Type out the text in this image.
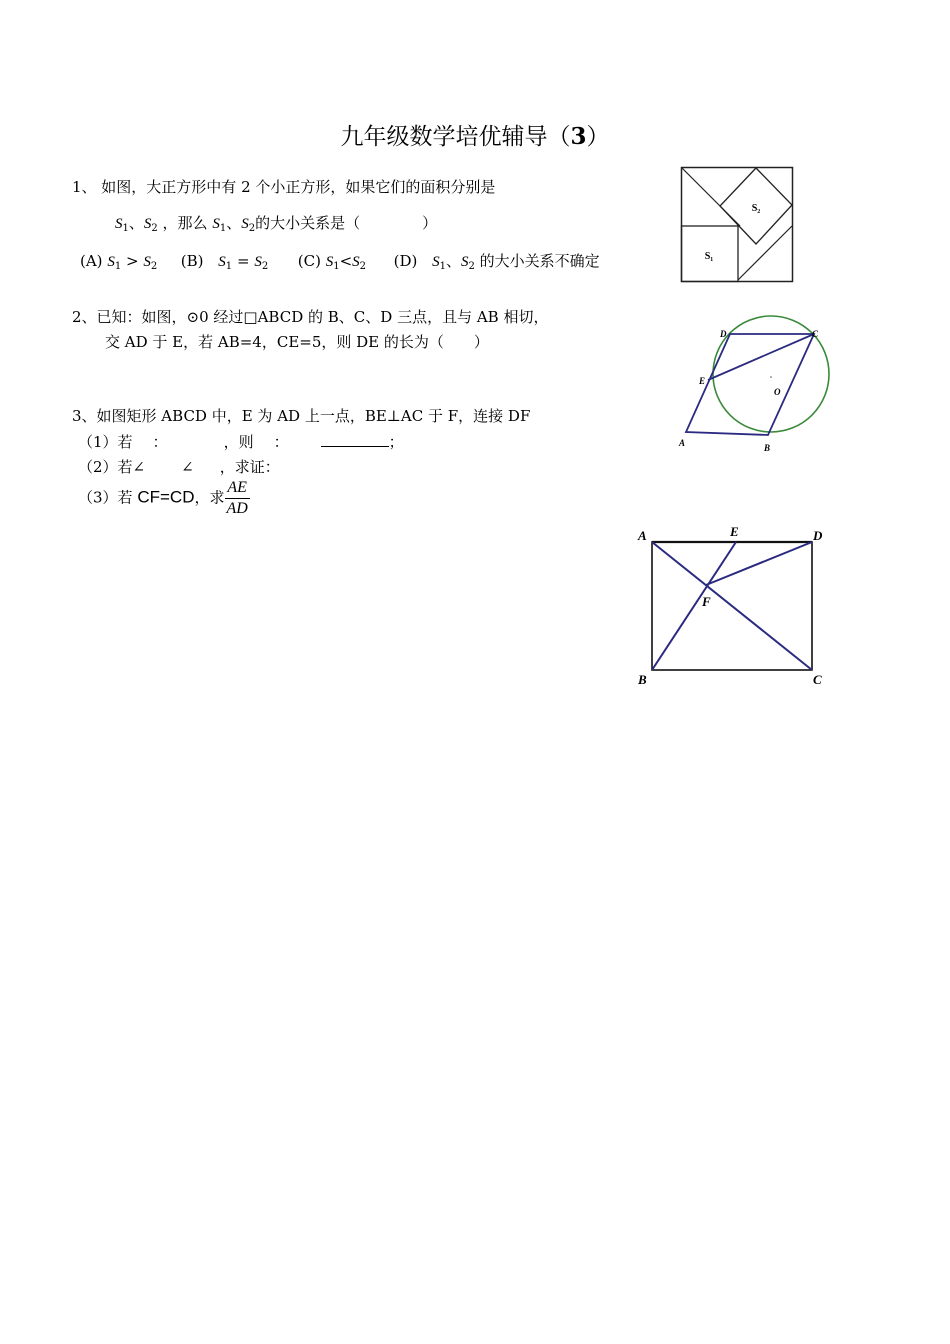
九年级数学培优辅导（3）
1、 如图，大正方形中有 2 个小正方形，如果它们的面积分别是
$S_1$、$S_2$ ，那么 $S_1$、$S_2$的大小关系是（	）
(A) $S_1 > S_2$ (B) $S_1 = S_2$ (C) $S_1<S_2$ (D) $S_1$、$S_2$ 的大小关系不确定
S₂
S₁
2、已知：如图，⊙0 经过□ABCD 的 B、C、D 三点，且与 AB 相切，
交 AD 于 E，若 AB=4，CE=5，则 DE 的长为（　　）	D	C
E
O
A	B
3、如图矩形 ABCD 中，E 为 AD 上一点，BE⊥AC 于 F，连接 DF
（1）若 ：	，则 ：	；
（2）若∠ ∠ ，求证：
（3）若 CF=CD，求 $\frac{AE}{AD}$
A	E	D
F
B	C
